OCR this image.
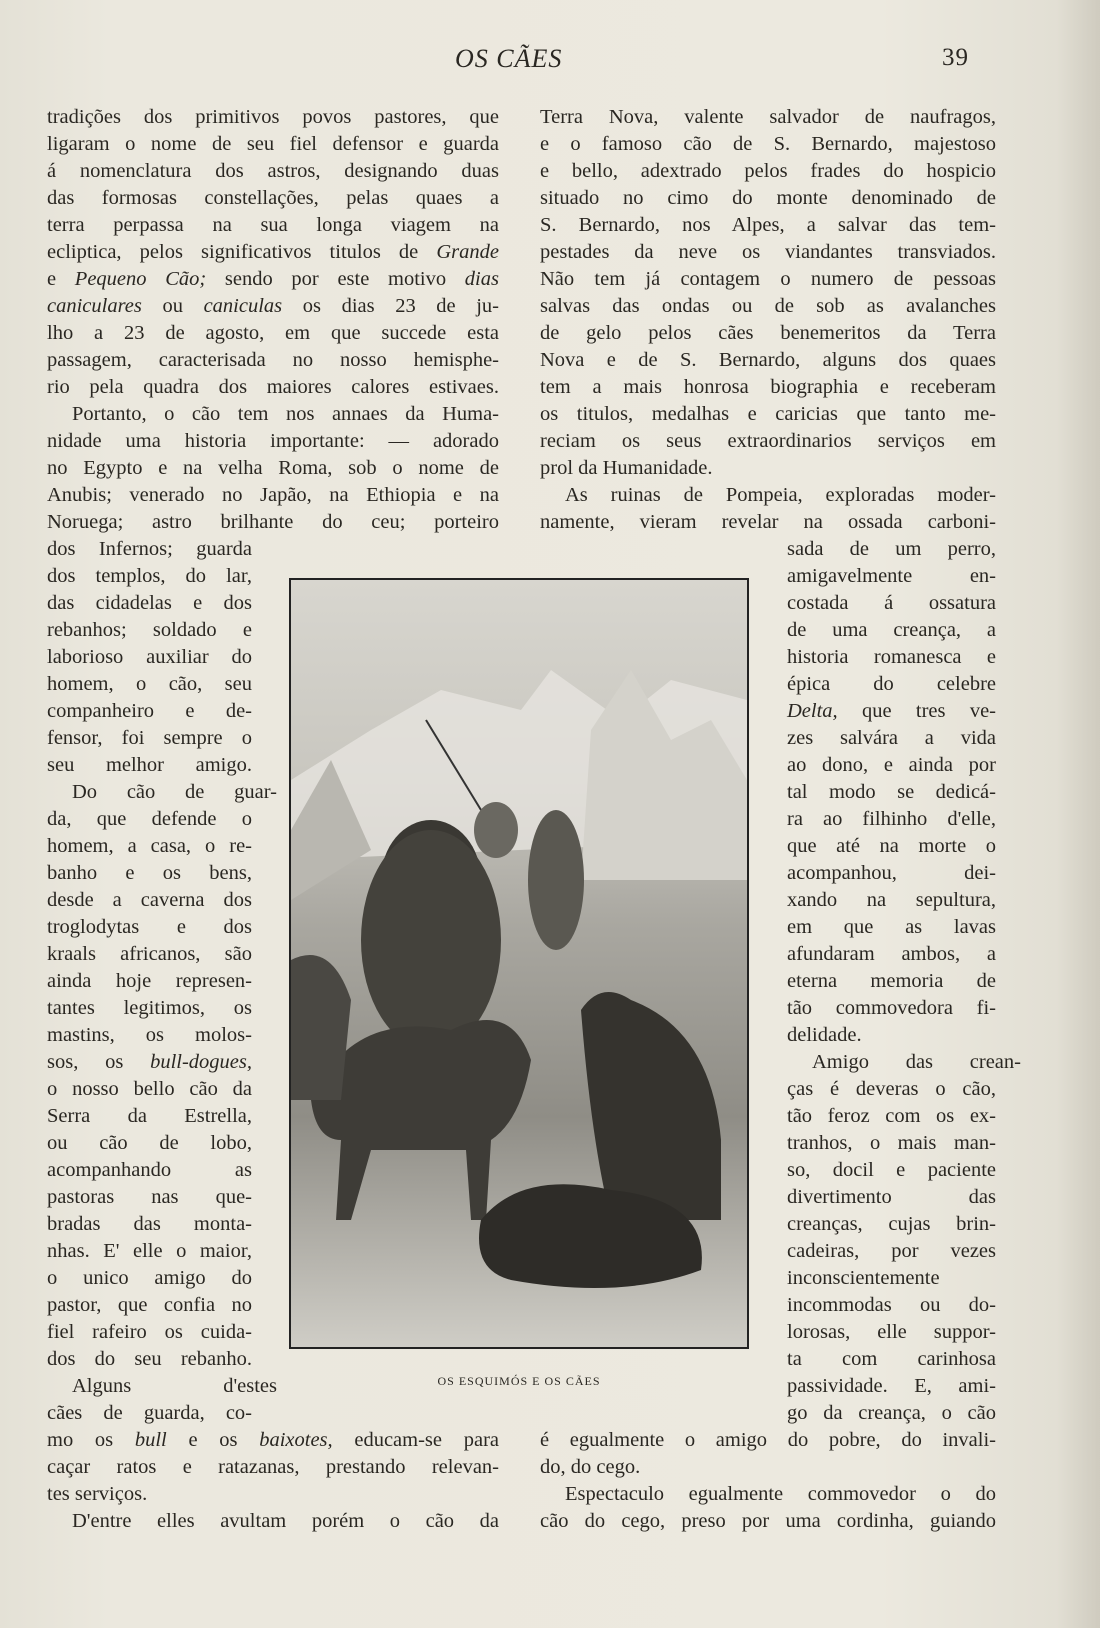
OS CÃES	39
tradições dos primitivos povos pastores, que
ligaram o nome de seu fiel defensor e guarda
á nomenclatura dos astros, designando duas
das formosas constellações, pelas quaes a
terra perpassa na sua longa viagem na
ecliptica, pelos significativos titulos de Grande
e Pequeno Cão; sendo por este motivo dias
caniculares ou caniculas os dias 23 de ju-
lho a 23 de agosto, em que succede esta
passagem, caracterisada no nosso hemisphe-
rio pela quadra dos maiores calores estivaes.
Portanto, o cão tem nos annaes da Huma-
nidade uma historia importante: — adorado
no Egypto e na velha Roma, sob o nome de
Anubis; venerado no Japão, na Ethiopia e na
Noruega; astro brilhante do ceu; porteiro
dos Infernos; guarda
dos templos, do lar,
das cidadelas e dos
rebanhos; soldado e
laborioso auxiliar do
homem, o cão, seu
companheiro e de-
fensor, foi sempre o
seu melhor amigo.
Do cão de guar-
da, que defende o
homem, a casa, o re-
banho e os bens,
desde a caverna dos
troglodytas e dos
kraals africanos, são
ainda hoje represen-
tantes legitimos, os
mastins, os molos-
sos, os bull-dogues,
o nosso bello cão da
Serra da Estrella,
ou cão de lobo,
acompanhando as
pastoras nas que-
bradas das monta-
nhas. E' elle o maior,
o unico amigo do
pastor, que confia no
fiel rafeiro os cuida-
dos do seu rebanho.
Alguns d'estes
cães de guarda, co-
mo os bull e os baixotes, educam-se para
caçar ratos e ratazanas, prestando relevan-
tes serviços.
D'entre elles avultam porém o cão da
Terra Nova, valente salvador de naufragos,
e o famoso cão de S. Bernardo, majestoso
e bello, adextrado pelos frades do hospicio
situado no cimo do monte denominado de
S. Bernardo, nos Alpes, a salvar das tem-
pestades da neve os viandantes transviados.
Não tem já contagem o numero de pessoas
salvas das ondas ou de sob as avalanches
de gelo pelos cães benemeritos da Terra
Nova e de S. Bernardo, alguns dos quaes
tem a mais honrosa biographia e receberam
os titulos, medalhas e caricias que tanto me-
reciam os seus extraordinarios serviços em
prol da Humanidade.
As ruinas de Pompeia, exploradas moder-
namente, vieram revelar na ossada carboni-
sada de um perro,
amigavelmente en-
costada á ossatura
de uma creança, a
historia romanesca e
épica do celebre
Delta, que tres ve-
zes salvára a vida
ao dono, e ainda por
tal modo se dedicá-
ra ao filhinho d'elle,
que até na morte o
acompanhou, dei-
xando na sepultura,
em que as lavas
afundaram ambos, a
eterna memoria de
tão commovedora fi-
delidade.
Amigo das crean-
ças é deveras o cão,
tão feroz com os ex-
tranhos, o mais man-
so, docil e paciente
divertimento das
creanças, cujas brin-
cadeiras, por vezes
inconscientemente
incommodas ou do-
lorosas, elle suppor-
ta com carinhosa
passividade. E, ami-
go da creança, o cão
é egualmente o amigo do pobre, do invali-
do, do cego.
Espectaculo egualmente commovedor o do
cão do cego, preso por uma cordinha, guiando
OS ESQUIMÓS E OS CÃES
